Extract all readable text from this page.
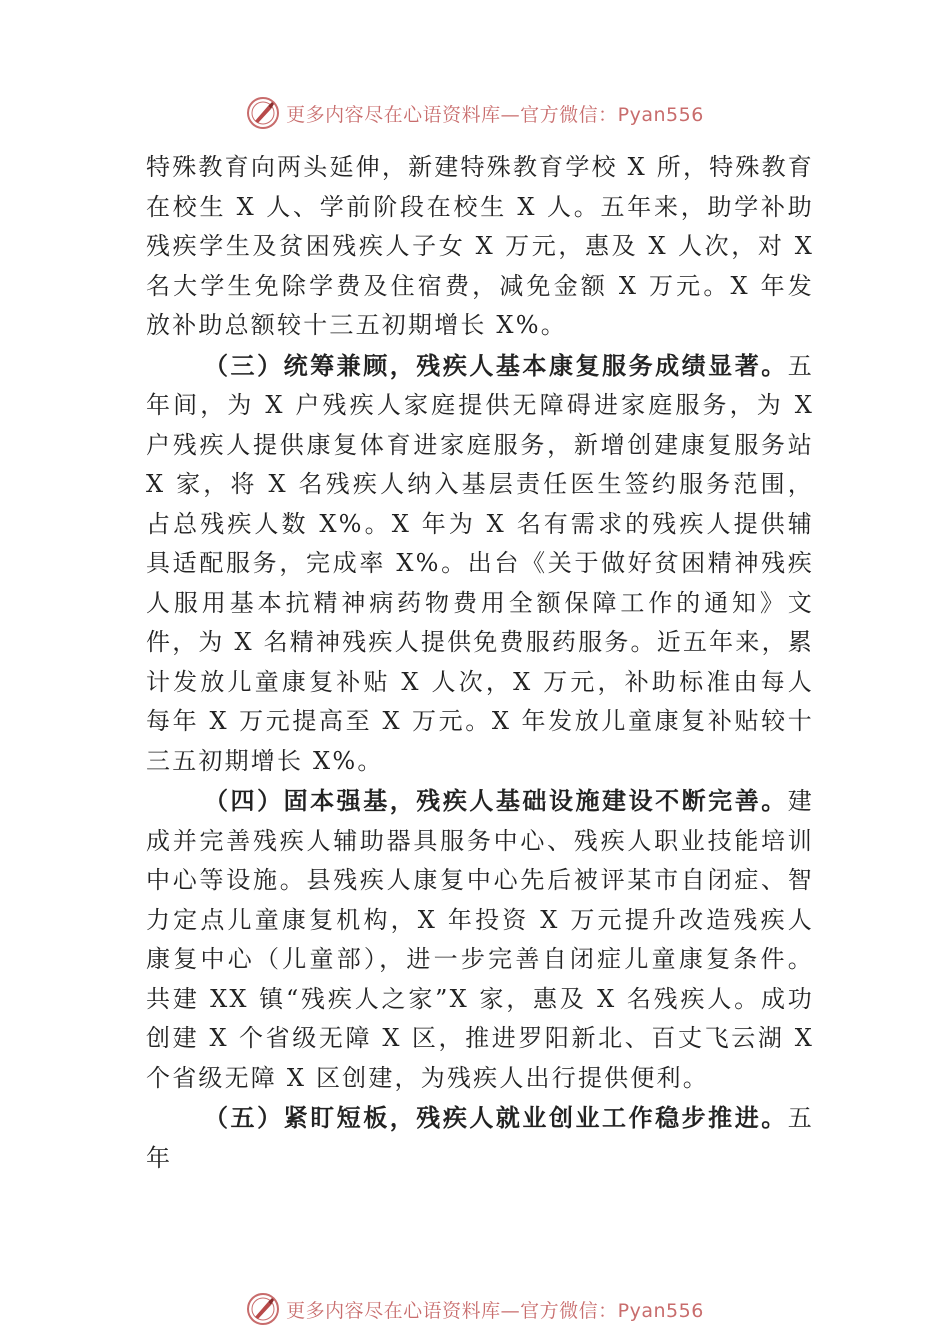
更多内容尽在心语资料库—官方微信：Pyan556

特殊教育向两头延伸，新建特殊教育学校 X 所，特殊教育在校生 X 人、学前阶段在校生 X 人。五年来，助学补助残疾学生及贫困残疾人子女 X 万元，惠及 X 人次，对 X 名大学生免除学费及住宿费，减免金额 X 万元。X 年发放补助总额较十三五初期增长 X%。

（三）统筹兼顾，残疾人基本康复服务成绩显著。五年间，为 X 户残疾人家庭提供无障碍进家庭服务，为 X 户残疾人提供康复体育进家庭服务，新增创建康复服务站 X 家，将 X 名残疾人纳入基层责任医生签约服务范围，占总残疾人数 X%。X 年为 X 名有需求的残疾人提供辅具适配服务，完成率 X%。出台《关于做好贫困精神残疾人服用基本抗精神病药物费用全额保障工作的通知》文件，为 X 名精神残疾人提供免费服药服务。近五年来，累计发放儿童康复补贴 X 人次，X 万元，补助标准由每人每年 X 万元提高至 X 万元。X 年发放儿童康复补贴较十三五初期增长 X%。

（四）固本强基，残疾人基础设施建设不断完善。建成并完善残疾人辅助器具服务中心、残疾人职业技能培训中心等设施。县残疾人康复中心先后被评某市自闭症、智力定点儿童康复机构，X 年投资 X 万元提升改造残疾人康复中心（儿童部），进一步完善自闭症儿童康复条件。共建 XX 镇“残疾人之家”X 家，惠及 X 名残疾人。成功创建 X 个省级无障 X 区，推进罗阳新北、百丈飞云湖 X 个省级无障 X 区创建，为残疾人出行提供便利。

（五）紧盯短板，残疾人就业创业工作稳步推进。五年

更多内容尽在心语资料库—官方微信：Pyan556
